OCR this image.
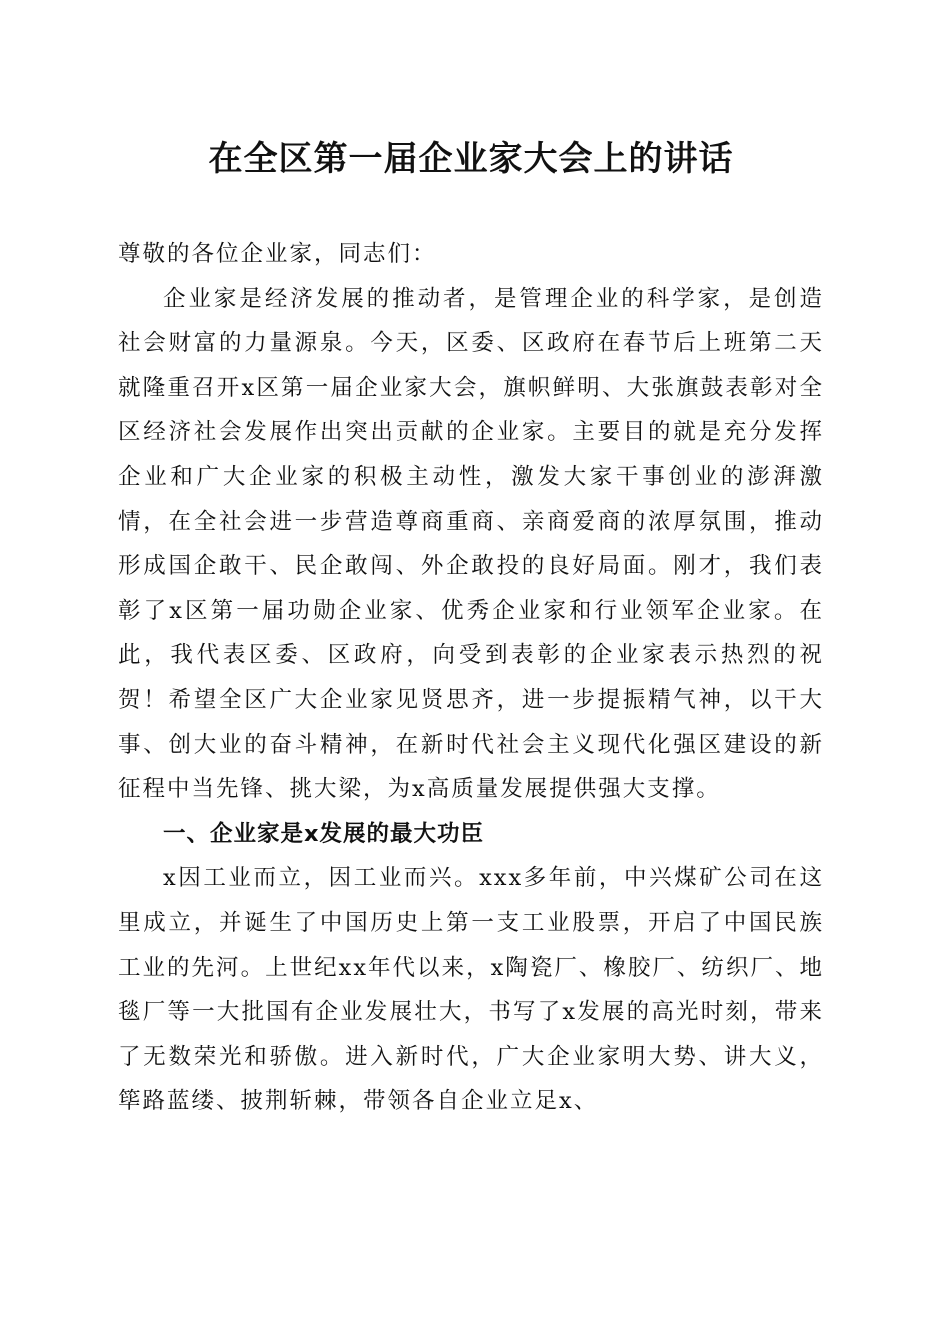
在全区第一届企业家大会上的讲话

尊敬的各位企业家，同志们：

企业家是经济发展的推动者，是管理企业的科学家，是创造社会财富的力量源泉。今天，区委、区政府在春节后上班第二天就隆重召开x区第一届企业家大会，旗帜鲜明、大张旗鼓表彰对全区经济社会发展作出突出贡献的企业家。主要目的就是充分发挥企业和广大企业家的积极主动性，激发大家干事创业的澎湃激情，在全社会进一步营造尊商重商、亲商爱商的浓厚氛围，推动形成国企敢干、民企敢闯、外企敢投的良好局面。刚才，我们表彰了x区第一届功勋企业家、优秀企业家和行业领军企业家。在此，我代表区委、区政府，向受到表彰的企业家表示热烈的祝贺！希望全区广大企业家见贤思齐，进一步提振精气神，以干大事、创大业的奋斗精神，在新时代社会主义现代化强区建设的新征程中当先锋、挑大梁，为x高质量发展提供强大支撑。

一、企业家是x发展的最大功臣

x因工业而立，因工业而兴。xxx多年前，中兴煤矿公司在这里成立，并诞生了中国历史上第一支工业股票，开启了中国民族工业的先河。上世纪xx年代以来，x陶瓷厂、橡胶厂、纺织厂、地毯厂等一大批国有企业发展壮大，书写了x发展的高光时刻，带来了无数荣光和骄傲。进入新时代，广大企业家明大势、讲大义，筚路蓝缕、披荆斩棘，带领各自企业立足x、
